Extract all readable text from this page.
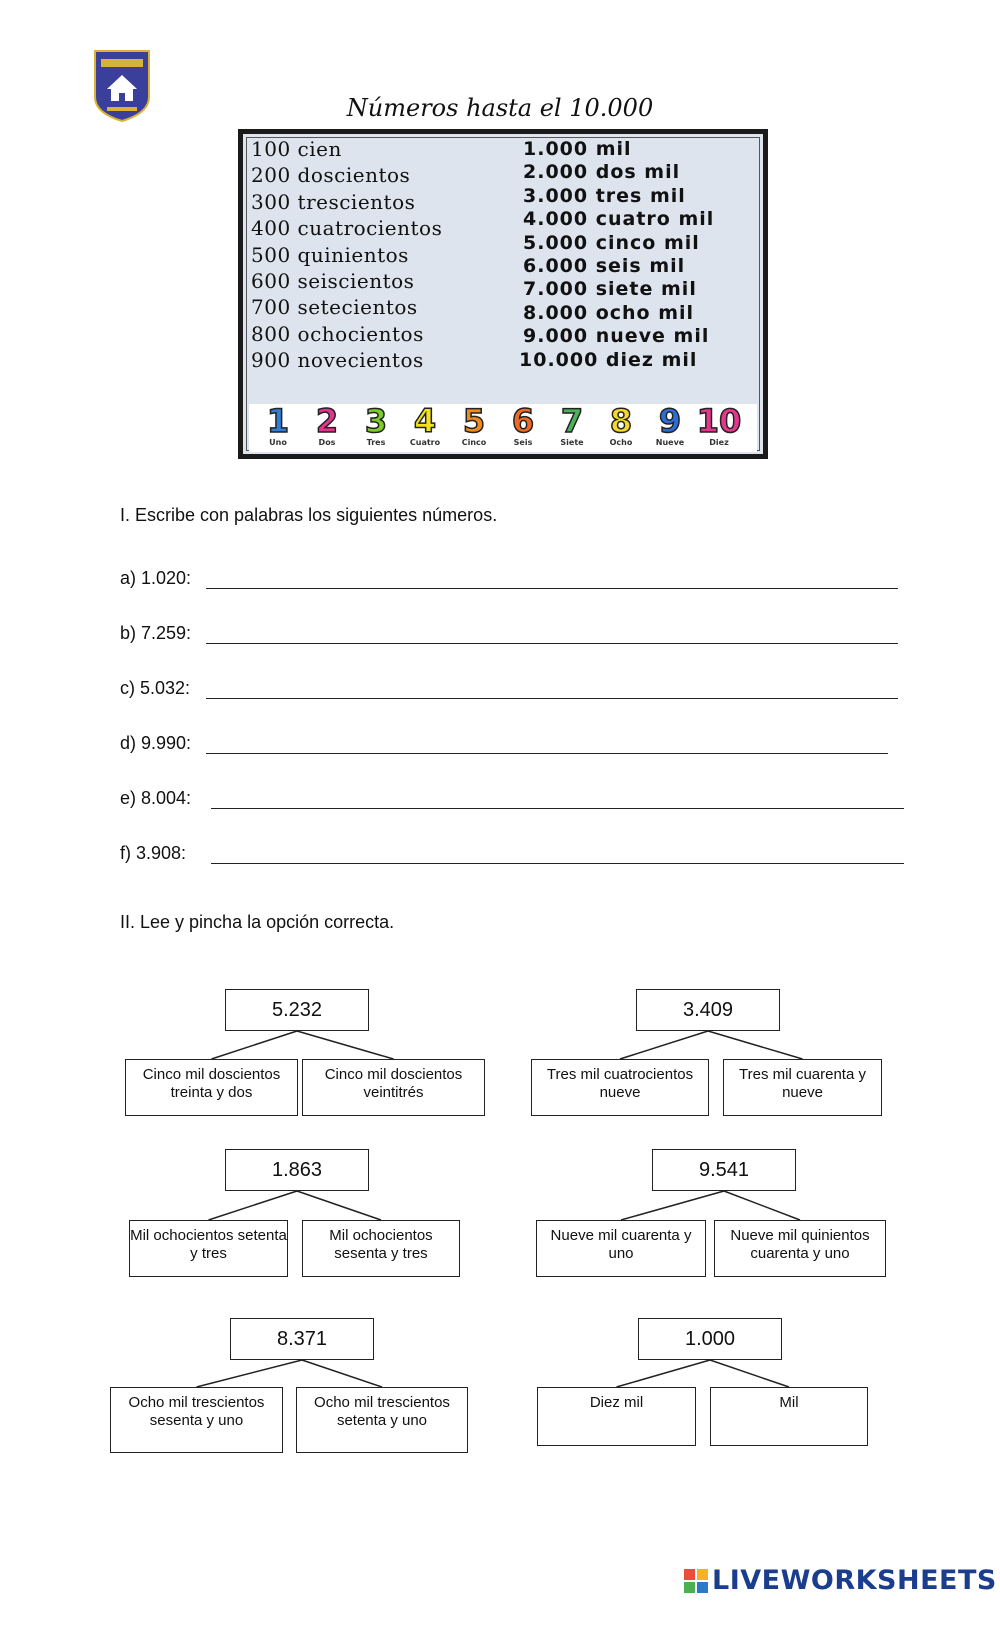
Números hasta el 10.000
100 cien
200 doscientos
300 trescientos
400 cuatrocientos
500 quinientos
600 seiscientos
700 setecientos
800 ochocientos
900 novecientos
1.000 mil
2.000 dos mil
3.000 tres mil
4.000 cuatro mil
5.000 cinco mil
6.000 seis mil
7.000 siete mil
8.000 ocho mil
9.000 nueve mil
10.000 diez mil
1
Uno
2
Dos
3
Tres
4
Cuatro
5
Cinco
6
Seis
7
Siete
8
Ocho
9
Nueve
10
Diez
I. Escribe con palabras los siguientes números.
a) 1.020:
b) 7.259:
c) 5.032:
d) 9.990:
e) 8.004:
f) 3.908:
II. Lee y pincha la opción correcta.
5.232
Cinco mil doscientos treinta y dos
Cinco mil doscientos veintitrés
3.409
Tres mil cuatrocientos nueve
Tres mil cuarenta y nueve
1.863
Mil ochocientos setenta y tres
Mil ochocientos sesenta y tres
9.541
Nueve mil cuarenta y uno
Nueve mil quinientos cuarenta y uno
8.371
Ocho mil trescientos sesenta y uno
Ocho mil trescientos setenta y uno
1.000
Diez mil	Mil
LIVEWORKSHEETS
